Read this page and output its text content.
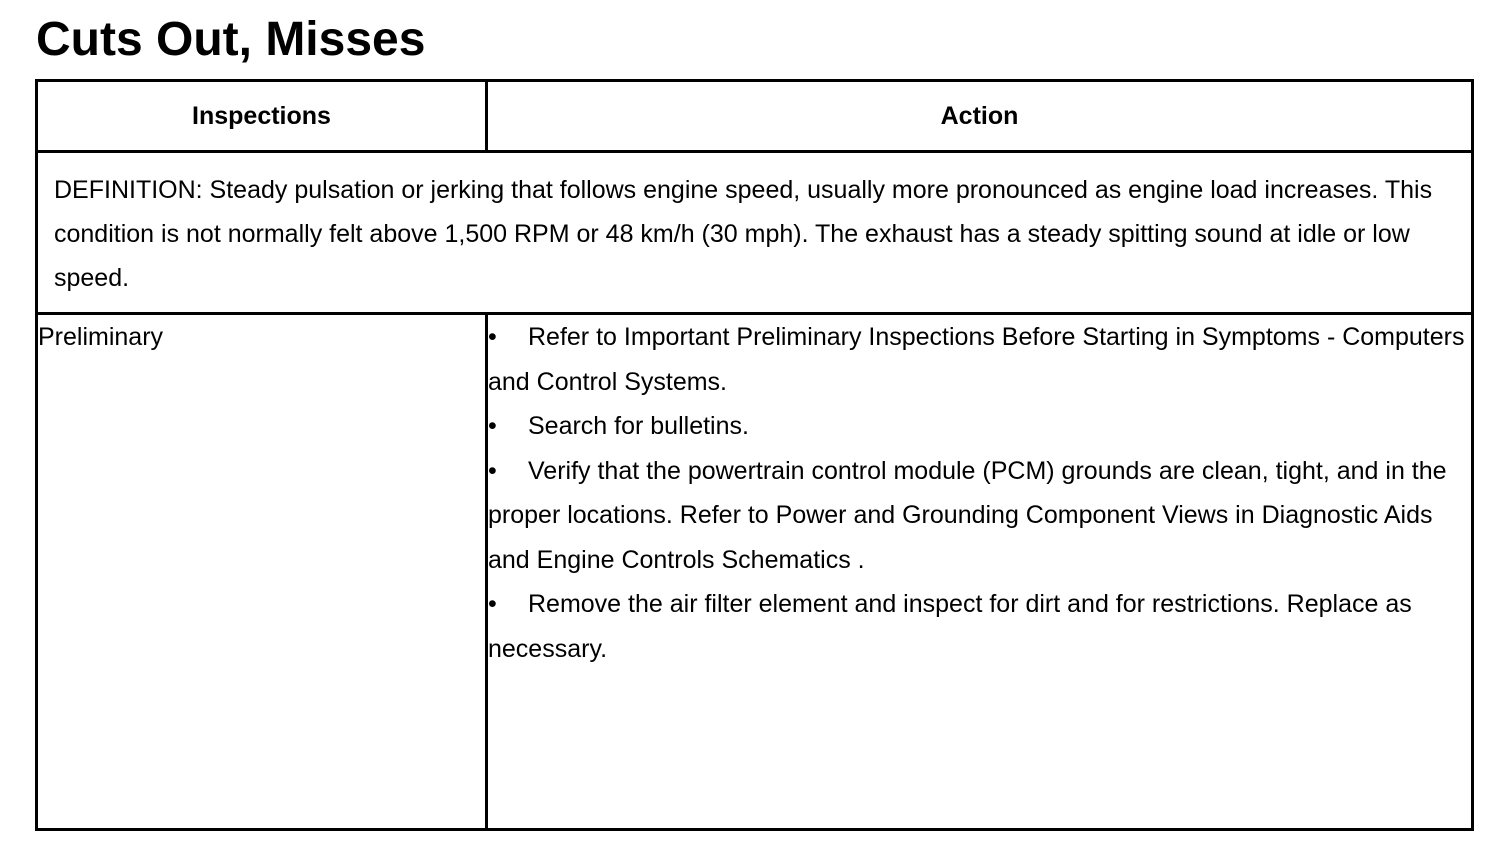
Cuts Out, Misses
Inspections	Action
DEFINITION: Steady pulsation or jerking that follows engine speed, usually more pronounced as engine load increases. This condition is not normally felt above 1,500 RPM or 48 km/h (30 mph). The exhaust has a steady spitting sound at idle or low speed.	
Preliminary	• Refer to Important Preliminary Inspections Before Starting in Symptoms - Computers and Control Systems.

• Search for bulletins.

• Verify that the powertrain control module (PCM) grounds are clean, tight, and in the proper locations. Refer to Power and Grounding Component Views in Diagnostic Aids and Engine Controls Schematics .

• Remove the air filter element and inspect for dirt and for restrictions. Replace as necessary.
